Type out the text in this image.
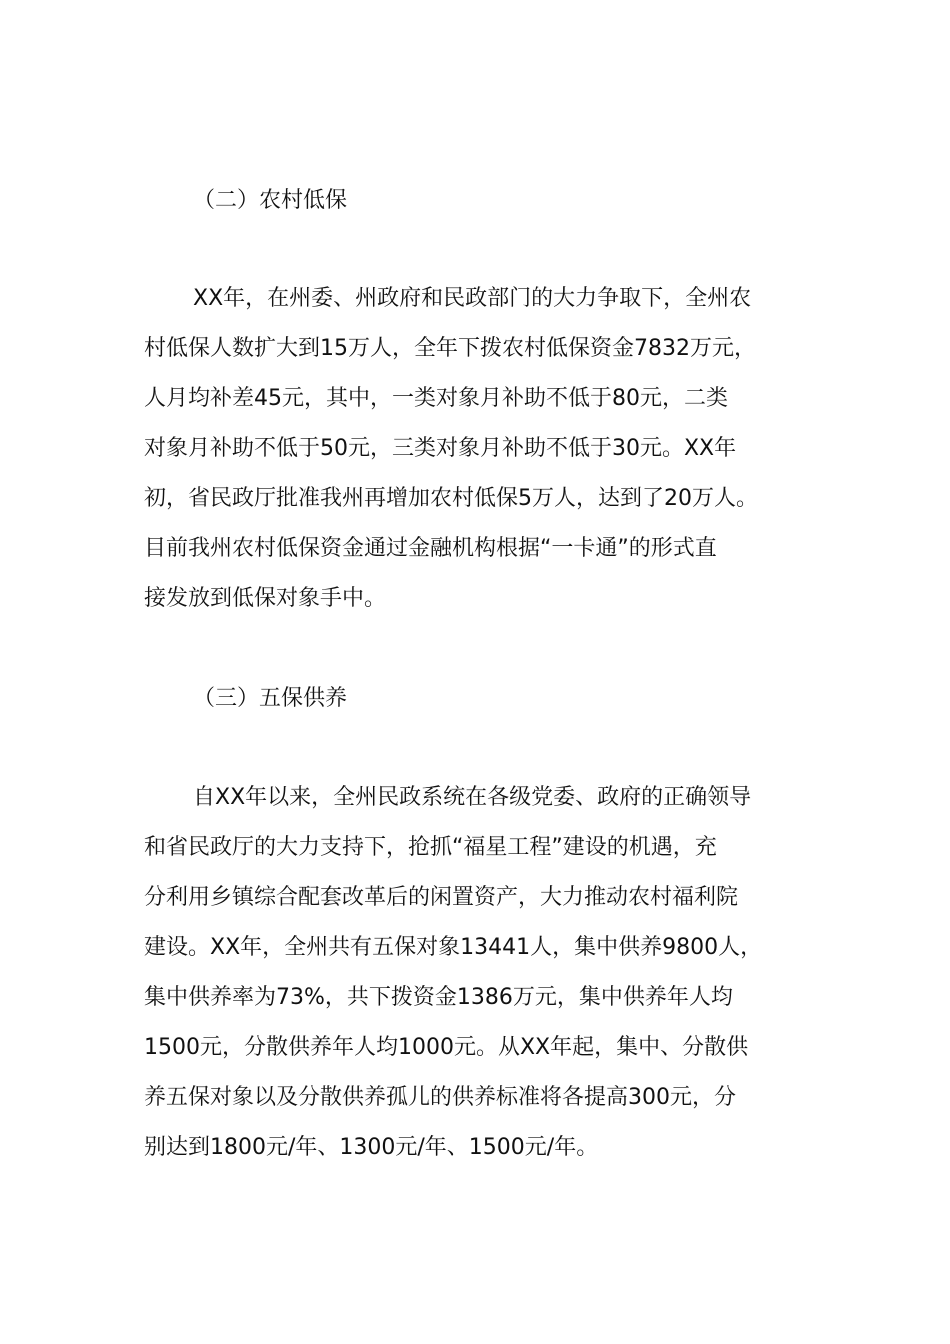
（二）农村低保
XX年，在州委、州政府和民政部门的大力争取下，全州农
村低保人数扩大到15万人，全年下拨农村低保资金7832万元，
人月均补差45元，其中，一类对象月补助不低于80元，二类
对象月补助不低于50元，三类对象月补助不低于30元。XX年
初，省民政厅批准我州再增加农村低保5万人，达到了20万人。
目前我州农村低保资金通过金融机构根据“一卡通”的形式直
接发放到低保对象手中。
（三）五保供养
自XX年以来，全州民政系统在各级党委、政府的正确领导
和省民政厅的大力支持下，抢抓“福星工程”建设的机遇，充
分利用乡镇综合配套改革后的闲置资产，大力推动农村福利院
建设。XX年，全州共有五保对象13441人，集中供养9800人，
集中供养率为73%，共下拨资金1386万元，集中供养年人均
1500元，分散供养年人均1000元。从XX年起，集中、分散供
养五保对象以及分散供养孤儿的供养标准将各提高300元，分
别达到1800元/年、1300元/年、1500元/年。
